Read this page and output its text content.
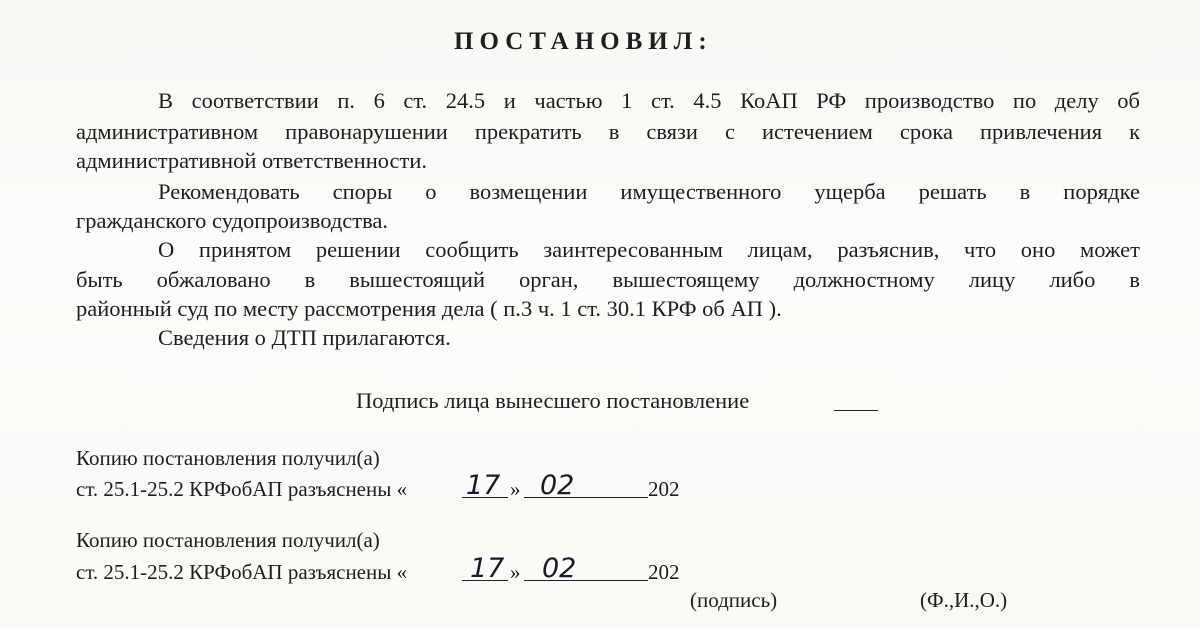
ПОСТАНОВИЛ:
В соответствии п. 6 ст. 24.5 и частью 1 ст. 4.5 КоАП РФ производство по делу об
административном правонарушении прекратить в связи с истечением срока привлечения к
административной ответственности.
Рекомендовать споры о возмещении имущественного ущерба решать в порядке
гражданского судопроизводства.
О принятом решении сообщить заинтересованным лицам, разъяснив, что оно может
быть обжаловано в вышестоящий орган, вышестоящему должностному лицу либо в
районный суд по месту рассмотрения дела ( п.3 ч. 1 ст. 30.1 КРФ об АП ).
Сведения о ДТП прилагаются.
Подпись лица вынесшего постановление
Копию постановления получил(а)
ст. 25.1-25.2 КРФобАП разъяснены « 17 » 02	202
Копию постановления получил(а)
ст. 25.1-25.2 КРФобАП разъяснены « 17 » 02	202
(подпись)	(Ф.,И.,О.)
